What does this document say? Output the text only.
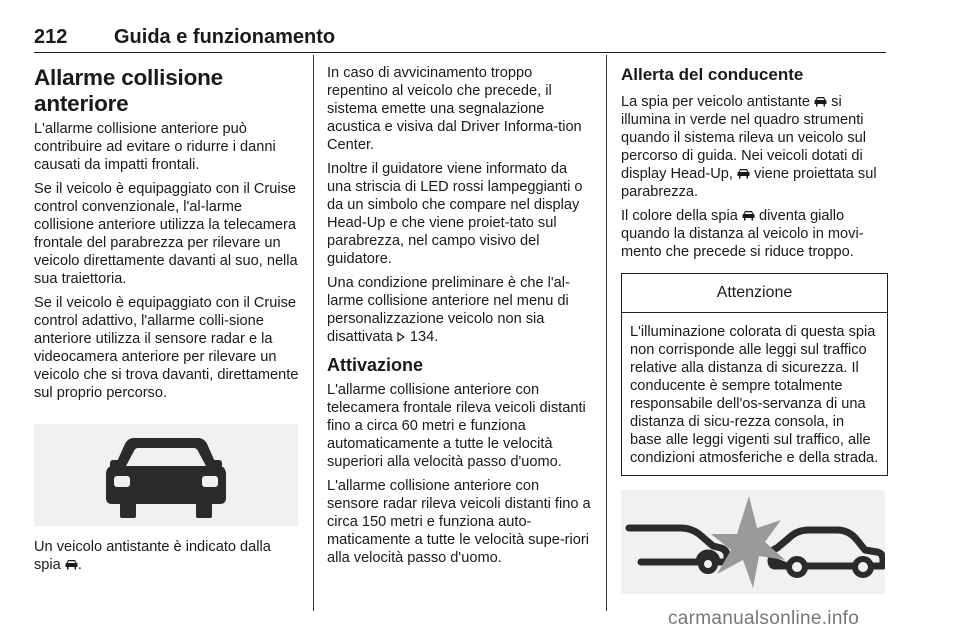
212 Guida e funzionamento
Allarme collisione anteriore

L'allarme collisione anteriore può contribuire ad evitare o ridurre i danni causati da impatti frontali.

Se il veicolo è equipaggiato con il Cruise control convenzionale, l'al-larme collisione anteriore utilizza la telecamera frontale del parabrezza per rilevare un veicolo direttamente davanti al suo, nella sua traiettoria.

Se il veicolo è equipaggiato con il Cruise control adattivo, l'allarme colli-sione anteriore utilizza il sensore radar e la videocamera anteriore per rilevare un veicolo che si trova davanti, direttamente sul proprio percorso.

Un veicolo antistante è indicato dalla spia .

In caso di avvicinamento troppo repentino al veicolo che precede, il sistema emette una segnalazione acustica e visiva dal Driver Informa-tion Center.

Inoltre il guidatore viene informato da una striscia di LED rossi lampeggianti o da un simbolo che compare nel display Head-Up e che viene proiet-tato sul parabrezza, nel campo visivo del guidatore.

Una condizione preliminare è che l'al-larme collisione anteriore nel menu di personalizzazione veicolo non sia disattivata 134.

Attivazione

L'allarme collisione anteriore con telecamera frontale rileva veicoli distanti fino a circa 60 metri e funziona automaticamente a tutte le velocità superiori alla velocità passo d'uomo.

L'allarme collisione anteriore con sensore radar rileva veicoli distanti fino a circa 150 metri e funziona auto-maticamente a tutte le velocità supe-riori alla velocità passo d'uomo.

Allerta del conducente

La spia per veicolo antistante si illumina in verde nel quadro strumenti quando il sistema rileva un veicolo sul percorso di guida. Nei veicoli dotati di display Head-Up, viene proiettata sul parabrezza.

Il colore della spia diventa giallo quando la distanza al veicolo in movi-mento che precede si riduce troppo.

Attenzione

L'illuminazione colorata di questa spia non corrisponde alle leggi sul traffico relative alla distanza di sicurezza. Il conducente è sempre totalmente responsabile dell'os-servanza di una distanza di sicu-rezza consola, in base alle leggi vigenti sul traffico, alle condizioni atmosferiche e della strada.

carmanualsonline.info
